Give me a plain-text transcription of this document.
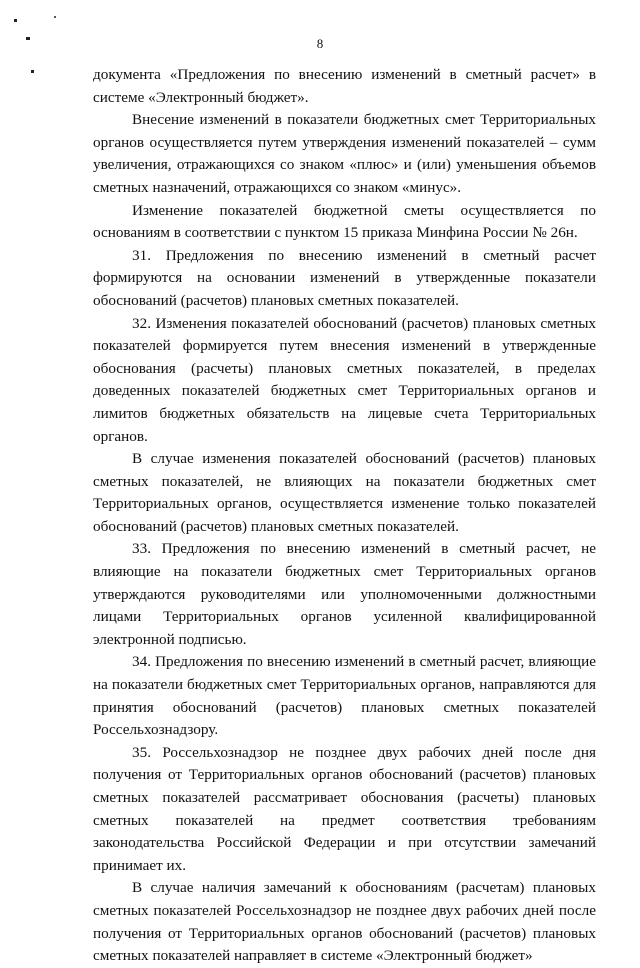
8

документа «Предложения по внесению изменений в сметный расчет» в системе «Электронный бюджет».

Внесение изменений в показатели бюджетных смет Территориальных органов осуществляется путем утверждения изменений показателей – сумм увеличения, отражающихся со знаком «плюс» и (или) уменьшения объемов сметных назначений, отражающихся со знаком «минус».

Изменение показателей бюджетной сметы осуществляется по основаниям в соответствии с пунктом 15 приказа Минфина России № 26н.

31. Предложения по внесению изменений в сметный расчет формируются на основании изменений в утвержденные показатели обоснований (расчетов) плановых сметных показателей.

32. Изменения показателей обоснований (расчетов) плановых сметных показателей формируется путем внесения изменений в утвержденные обоснования (расчеты) плановых сметных показателей, в пределах доведенных показателей бюджетных смет Территориальных органов и лимитов бюджетных обязательств на лицевые счета Территориальных органов.

В случае изменения показателей обоснований (расчетов) плановых сметных показателей, не влияющих на показатели бюджетных смет Территориальных органов, осуществляется изменение только показателей обоснований (расчетов) плановых сметных показателей.

33. Предложения по внесению изменений в сметный расчет, не влияющие на показатели бюджетных смет Территориальных органов утверждаются руководителями или уполномоченными должностными лицами Территориальных органов усиленной квалифицированной электронной подписью.

34. Предложения по внесению изменений в сметный расчет, влияющие на показатели бюджетных смет Территориальных органов, направляются для принятия обоснований (расчетов) плановых сметных показателей Россельхознадзору.

35. Россельхознадзор не позднее двух рабочих дней после дня получения от Территориальных органов обоснований (расчетов) плановых сметных показателей рассматривает обоснования (расчеты) плановых сметных показателей на предмет соответствия требованиям законодательства Российской Федерации и при отсутствии замечаний принимает их.

В случае наличия замечаний к обоснованиям (расчетам) плановых сметных показателей Россельхознадзор не позднее двух рабочих дней после получения от Территориальных органов обоснований (расчетов) плановых сметных показателей направляет в системе «Электронный бюджет»
